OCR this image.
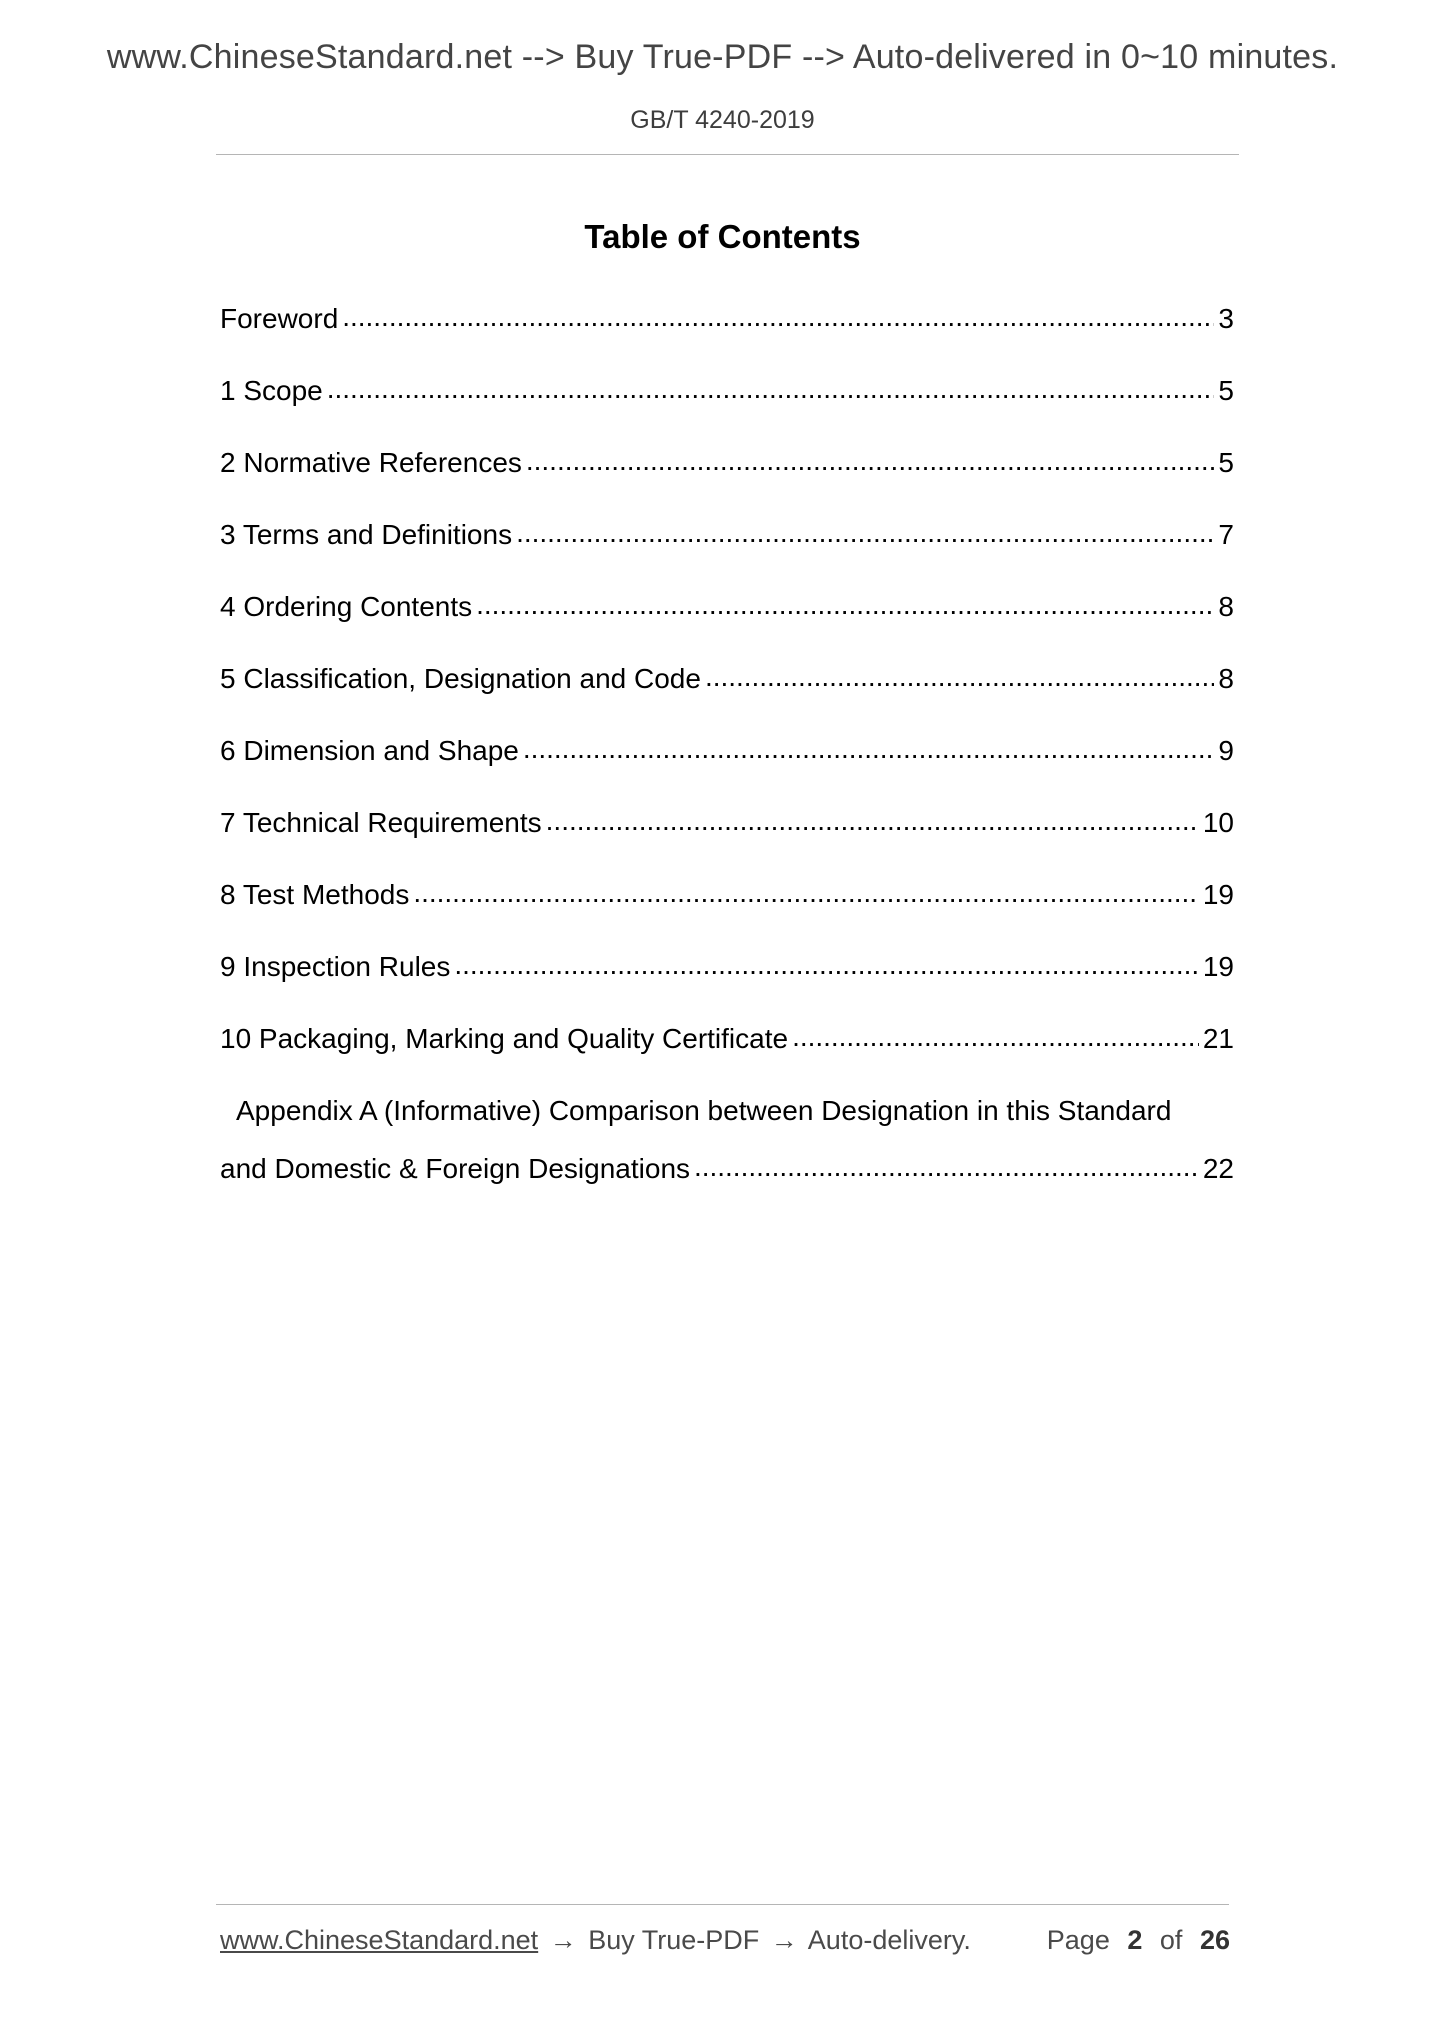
www.ChineseStandard.net --> Buy True-PDF --> Auto-delivered in 0~10 minutes.
GB/T 4240-2019
Table of Contents
Foreword . . .	3
1 Scope . . .	5
2 Normative References . . .	5
3 Terms and Definitions . . .	7
4 Ordering Contents . . .	8
5 Classification, Designation and Code . . .	8
6 Dimension and Shape . . .	9
7 Technical Requirements . . .	10
8 Test Methods . . .	19
9 Inspection Rules . . .	19
10 Packaging, Marking and Quality Certificate . . .	21
Appendix A (Informative) Comparison between Designation in this Standard
and Domestic & Foreign Designations . . .	22
www.ChineseStandard.net → Buy True-PDF → Auto-delivery.	Page 2 of 26
